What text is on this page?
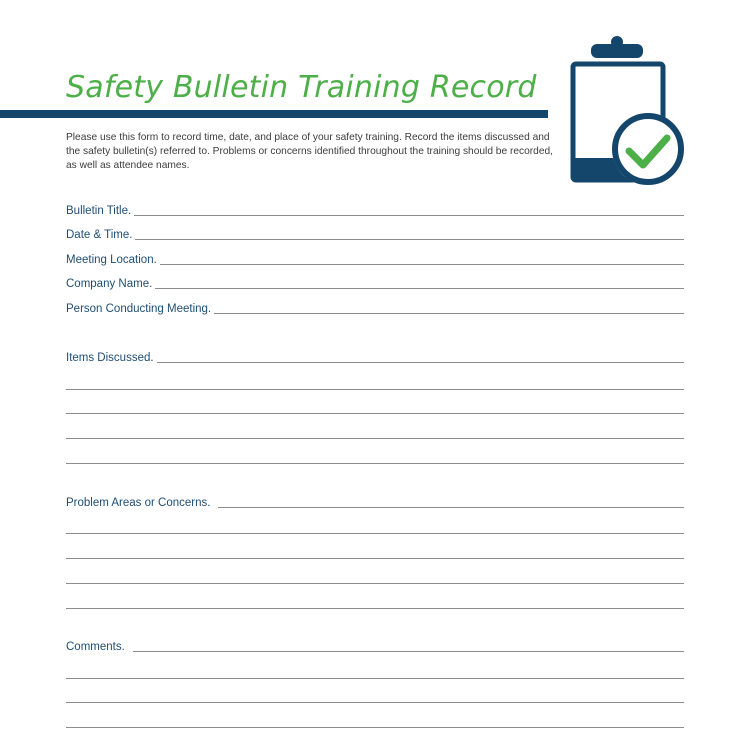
Safety Bulletin Training Record

Please use this form to record time, date, and place of your safety training. Record the items discussed and the safety bulletin(s) referred to. Problems or concerns identified throughout the training should be recorded, as well as attendee names.

Bulletin Title.
Date & Time.
Meeting Location.
Company Name.
Person Conducting Meeting.
Items Discussed.
Problem Areas or Concerns.
Comments.
